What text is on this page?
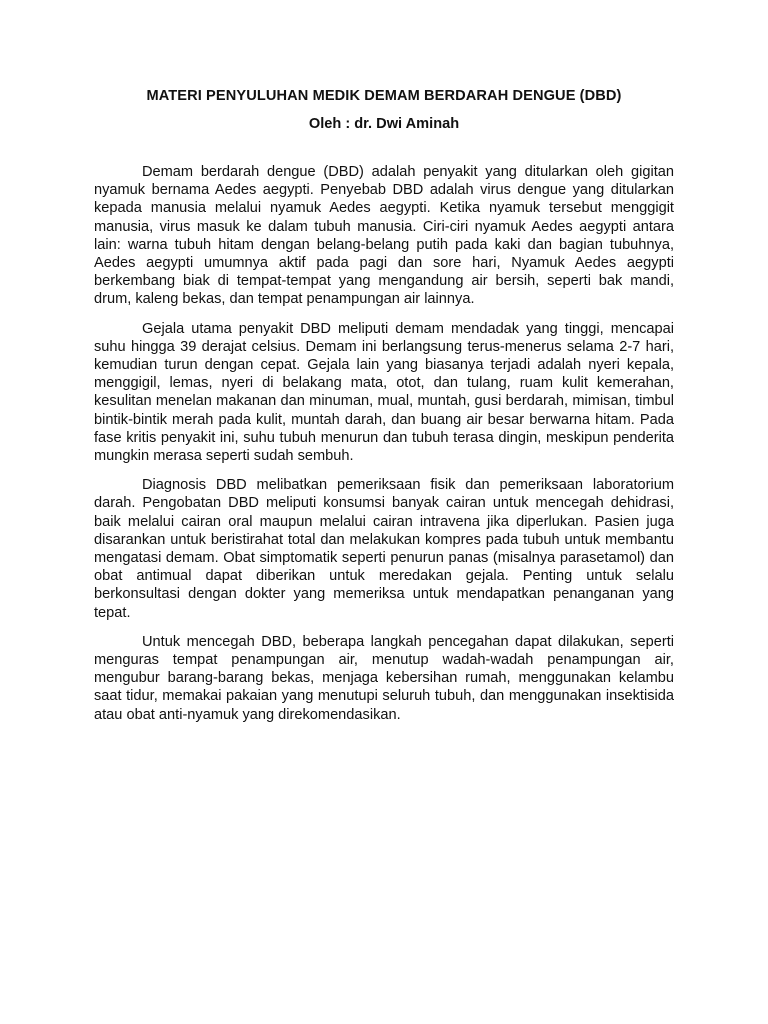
MATERI PENYULUHAN MEDIK DEMAM BERDARAH DENGUE (DBD)

Oleh : dr. Dwi Aminah

Demam berdarah dengue (DBD) adalah penyakit yang ditularkan oleh gigitan nyamuk bernama Aedes aegypti. Penyebab DBD adalah virus dengue yang ditularkan kepada manusia melalui nyamuk Aedes aegypti. Ketika nyamuk tersebut menggigit manusia, virus masuk ke dalam tubuh manusia. Ciri-ciri nyamuk Aedes aegypti antara lain: warna tubuh hitam dengan belang-belang putih pada kaki dan bagian tubuhnya, Aedes aegypti umumnya aktif pada pagi dan sore hari, Nyamuk Aedes aegypti berkembang biak di tempat-tempat yang mengandung air bersih, seperti bak mandi, drum, kaleng bekas, dan tempat penampungan air lainnya.

Gejala utama penyakit DBD meliputi demam mendadak yang tinggi, mencapai suhu hingga 39 derajat celsius. Demam ini berlangsung terus-menerus selama 2-7 hari, kemudian turun dengan cepat. Gejala lain yang biasanya terjadi adalah nyeri kepala, menggigil, lemas, nyeri di belakang mata, otot, dan tulang, ruam kulit kemerahan, kesulitan menelan makanan dan minuman, mual, muntah, gusi berdarah, mimisan, timbul bintik-bintik merah pada kulit, muntah darah, dan buang air besar berwarna hitam. Pada fase kritis penyakit ini, suhu tubuh menurun dan tubuh terasa dingin, meskipun penderita mungkin merasa seperti sudah sembuh.

Diagnosis DBD melibatkan pemeriksaan fisik dan pemeriksaan laboratorium darah. Pengobatan DBD meliputi konsumsi banyak cairan untuk mencegah dehidrasi, baik melalui cairan oral maupun melalui cairan intravena jika diperlukan. Pasien juga disarankan untuk beristirahat total dan melakukan kompres pada tubuh untuk membantu mengatasi demam. Obat simptomatik seperti penurun panas (misalnya parasetamol) dan obat antimual dapat diberikan untuk meredakan gejala. Penting untuk selalu berkonsultasi dengan dokter yang memeriksa untuk mendapatkan penanganan yang tepat.

Untuk mencegah DBD, beberapa langkah pencegahan dapat dilakukan, seperti menguras tempat penampungan air, menutup wadah-wadah penampungan air, mengubur barang-barang bekas, menjaga kebersihan rumah, menggunakan kelambu saat tidur, memakai pakaian yang menutupi seluruh tubuh, dan menggunakan insektisida atau obat anti-nyamuk yang direkomendasikan.
